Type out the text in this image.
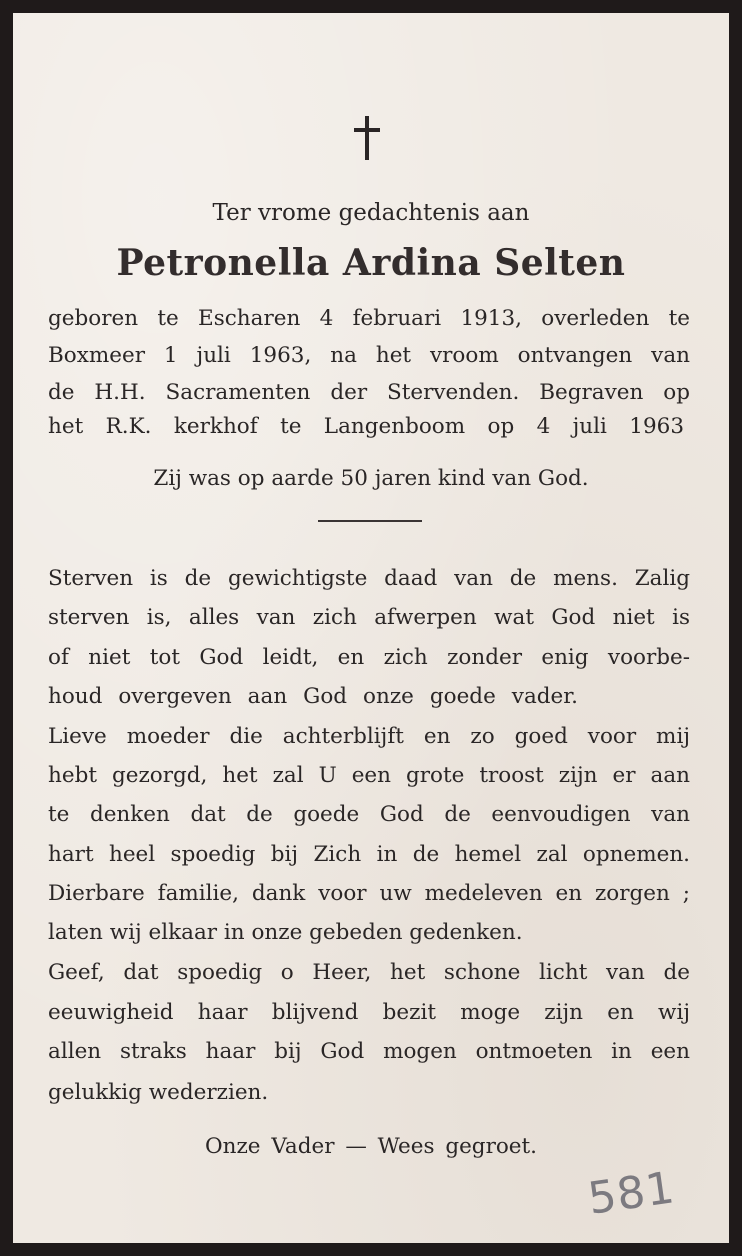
Ter vrome gedachtenis aan
Petronella Ardina Selten
geboren te Escharen 4 februari 1913, overleden te
Boxmeer 1 juli 1963, na het vroom ontvangen van
de H.H. Sacramenten der Stervenden. Begraven op
het R.K. kerkhof te Langenboom op 4 juli 1963
Zij was op aarde 50 jaren kind van God.
Sterven is de gewichtigste daad van de mens. Zalig
sterven is, alles van zich afwerpen wat God niet is
of niet tot God leidt, en zich zonder enig voorbe-
houd overgeven aan God onze goede vader.
Lieve moeder die achterblijft en zo goed voor mij
hebt gezorgd, het zal U een grote troost zijn er aan
te denken dat de goede God de eenvoudigen van
hart heel spoedig bij Zich in de hemel zal opnemen.
Dierbare familie, dank voor uw medeleven en zorgen ;
laten wij elkaar in onze gebeden gedenken.
Geef, dat spoedig o Heer, het schone licht van de
eeuwigheid haar blijvend bezit moge zijn en wij
allen straks haar bij God mogen ontmoeten in een
gelukkig wederzien.
Onze Vader — Wees gegroet.
581
